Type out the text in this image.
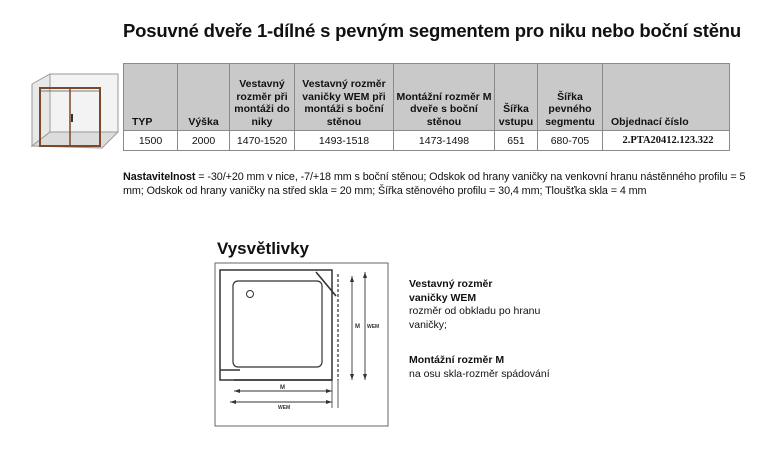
Posuvné dveře 1-dílné s pevným segmentem pro niku nebo boční stěnu
TYP	Výška	Vestavný rozměr při montáži do niky	Vestavný rozměr vaničky WEM při montáži s boční stěnou	Montážní rozměr M dveře s boční stěnou	Šířka vstupu	Šířka pevného segmentu	Objednací číslo
1500	2000	1470-1520	1493-1518	1473-1498	651	680-705	2.PTA20412.123.322
Nastavitelnost = -30/+20 mm v nice, -7/+18 mm s boční stěnou; Odskok od hrany vaničky na venkovní hranu nástěnného profilu = 5 mm; Odskok od hrany vaničky na střed skla = 20 mm; Šířka stěnového profilu = 30,4 mm; Tloušťka skla = 4 mm
Vysvětlivky
M WEM
M
WEM
Vestavný rozměr
vaničky WEM
rozměr od obkladu po hranu
vaničky;
Montážní rozměr M
na osu skla-rozměr spádování
